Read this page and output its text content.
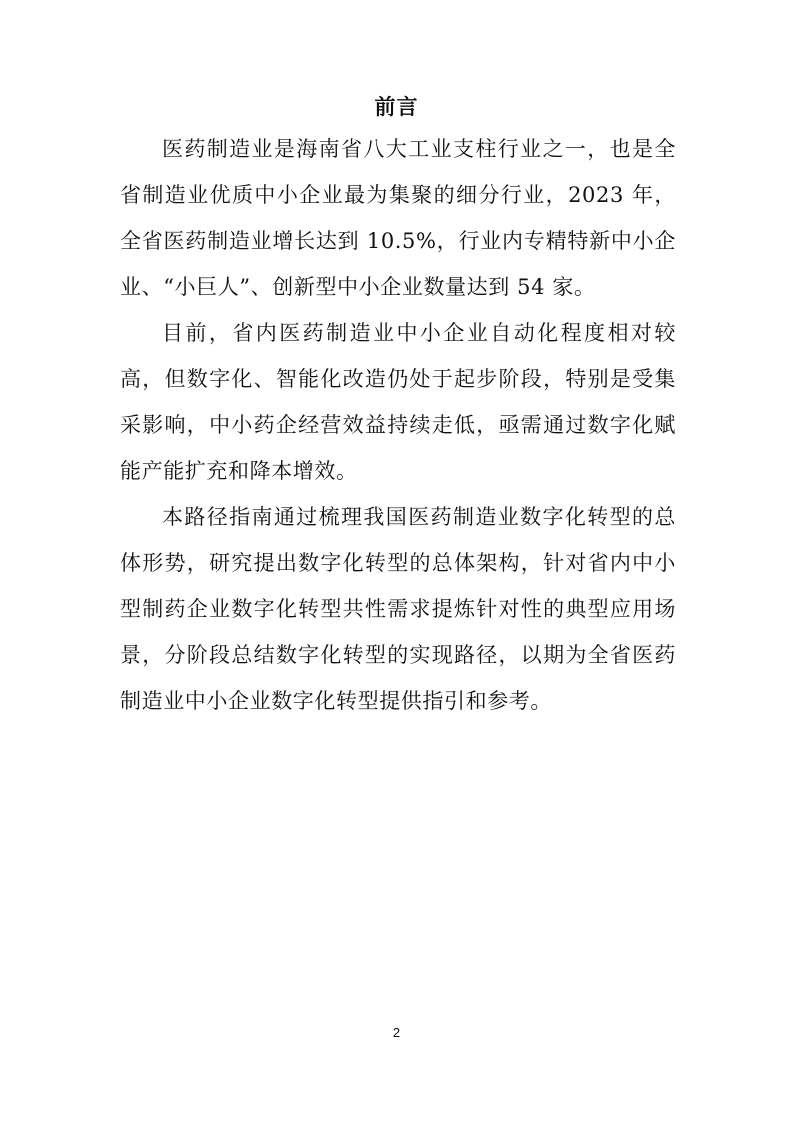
前言

医药制造业是海南省八大工业支柱行业之一，也是全省制造业优质中小企业最为集聚的细分行业，2023 年，全省医药制造业增长达到 10.5%，行业内专精特新中小企业、“小巨人”、创新型中小企业数量达到 54 家。

目前，省内医药制造业中小企业自动化程度相对较高，但数字化、智能化改造仍处于起步阶段，特别是受集采影响，中小药企经营效益持续走低，亟需通过数字化赋能产能扩充和降本增效。

本路径指南通过梳理我国医药制造业数字化转型的总体形势，研究提出数字化转型的总体架构，针对省内中小型制药企业数字化转型共性需求提炼针对性的典型应用场景，分阶段总结数字化转型的实现路径，以期为全省医药制造业中小企业数字化转型提供指引和参考。

2
